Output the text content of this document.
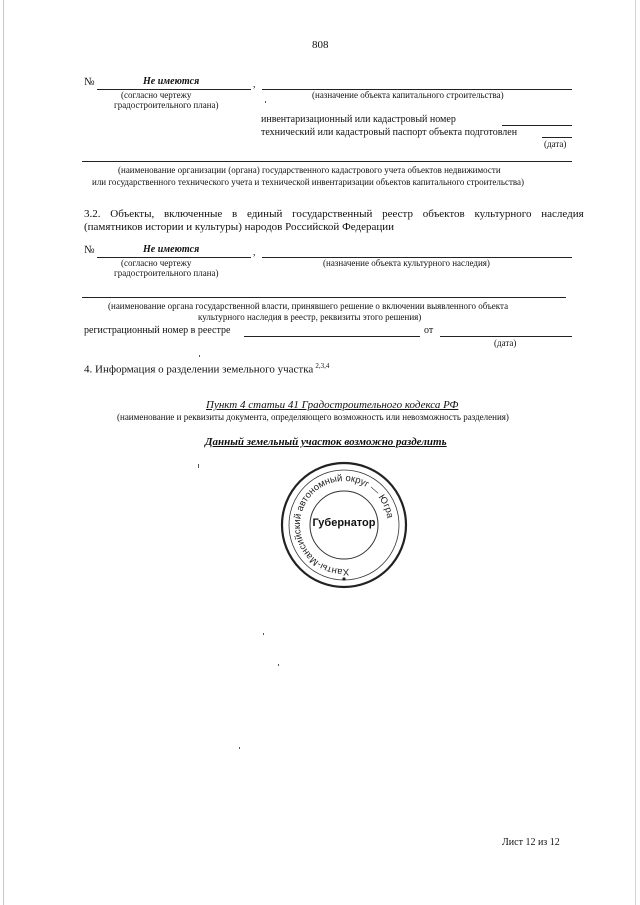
808
№	Не имеются	,
(согласно чертежу
градостроительного плана)
(назначение объекта капитального строительства)
инвентаризационный или кадастровый номер
технический или кадастровый паспорт объекта подготовлен
(дата)
(наименование организации (органа) государственного кадастрового учета объектов недвижимости
или государственного технического учета и технической инвентаризации объектов капитального строительства)
3.2. Объекты, включенные в единый государственный реестр объектов культурного наследия
(памятников истории и культуры) народов Российской Федерации
№	Не имеются	,
(согласно чертежу
градостроительного плана)
(назначение объекта культурного наследия)
(наименование органа государственной власти, принявшего решение о включении выявленного объекта
культурного наследия в реестр, реквизиты этого решения)
регистрационный номер в реестре	от
(дата)
4. Информация о разделении земельного участка $^{2,3,4}$
Пункт 4 статьи 41 Градостроительного кодекса РФ
(наименование и реквизиты документа, определяющего возможность или невозможность разделения)
Данный земельный участок возможно разделить
Ханты-Мансийский автономный округ — Югра
Губернатор
Лист 12 из 12
